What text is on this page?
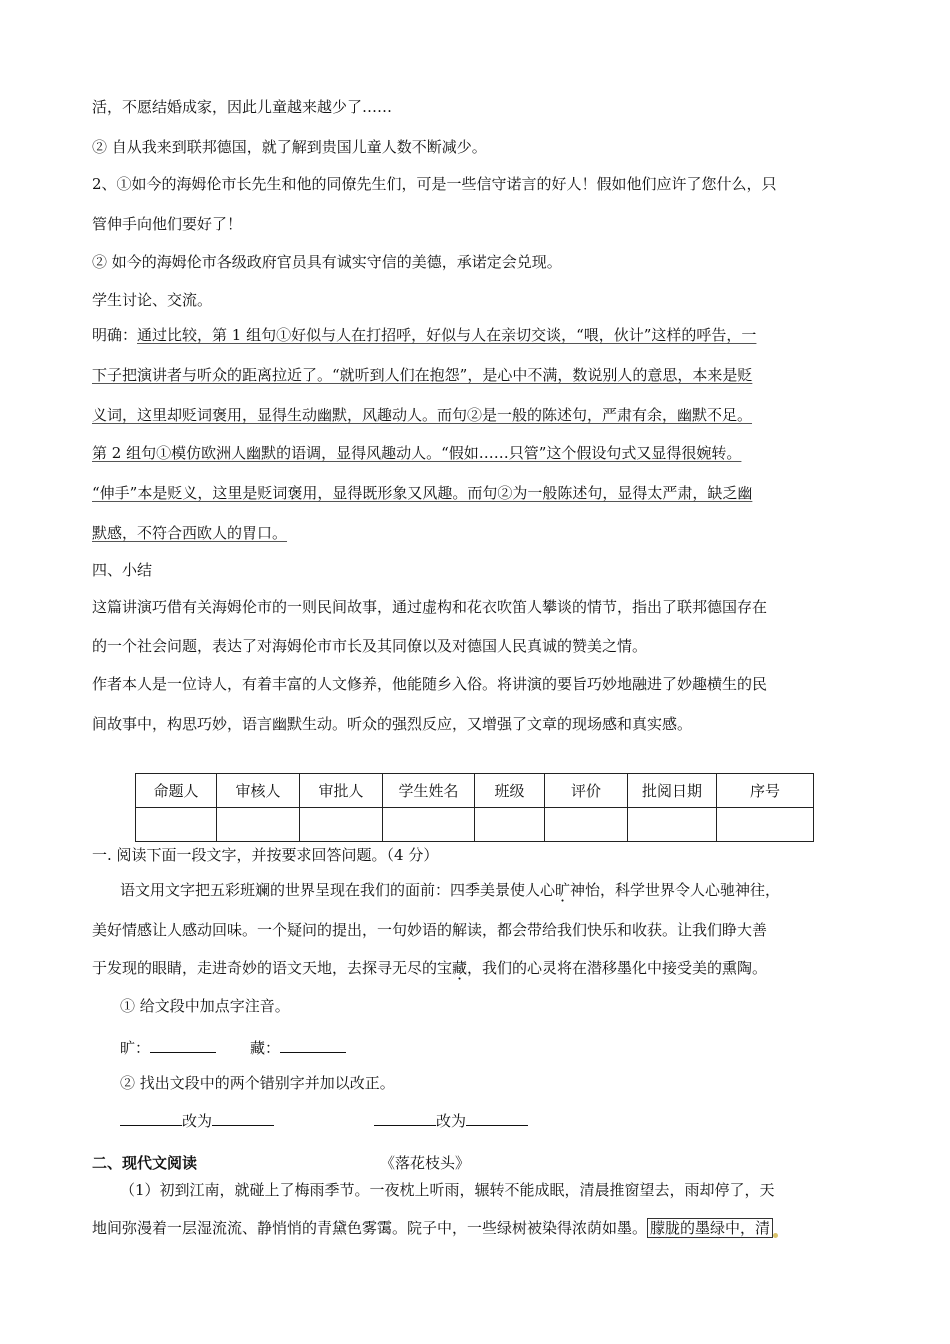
活，不愿结婚成家，因此儿童越来越少了……
② 自从我来到联邦德国，就了解到贵国儿童人数不断减少。
2、①如今的海姆伦市长先生和他的同僚先生们，可是一些信守诺言的好人！假如他们应许了您什么，只
管伸手向他们要好了！
② 如今的海姆伦市各级政府官员具有诚实守信的美德，承诺定会兑现。
学生讨论、交流。
明确：通过比较，第 1 组句①好似与人在打招呼，好似与人在亲切交谈，“喂，伙计”这样的呼告，一
下子把演讲者与听众的距离拉近了。“就听到人们在抱怨”，是心中不满，数说别人的意思，本来是贬
义词，这里却贬词褒用，显得生动幽默，风趣动人。而句②是一般的陈述句，严肃有余，幽默不足。
第 2 组句①模仿欧洲人幽默的语调，显得风趣动人。“假如……只管”这个假设句式又显得很婉转。
“伸手”本是贬义，这里是贬词褒用，显得既形象又风趣。而句②为一般陈述句，显得太严肃，缺乏幽
默感，不符合西欧人的胃口。
四、小结
这篇讲演巧借有关海姆伦市的一则民间故事，通过虚构和花衣吹笛人攀谈的情节，指出了联邦德国存在
的一个社会问题，表达了对海姆伦市市长及其同僚以及对德国人民真诚的赞美之情。
作者本人是一位诗人，有着丰富的人文修养，他能随乡入俗。将讲演的要旨巧妙地融进了妙趣横生的民
间故事中，构思巧妙，语言幽默生动。听众的强烈反应，又增强了文章的现场感和真实感。
命题人	审核人	审批人	学生姓名	班级	评价	批阅日期	序号

一. 阅读下面一段文字，并按要求回答问题。（4 分）
语文用文字把五彩班斓的世界呈现在我们的面前：四季美景使人心旷神怡，科学世界令人心驰神往，
美好情感让人感动回味。一个疑问的提出，一句妙语的解读，都会带给我们快乐和收获。让我们睁大善
于发现的眼睛，走进奇妙的语文天地，去探寻无尽的宝藏，我们的心灵将在潜移墨化中接受美的熏陶。
① 给文段中加点字注音。
旷：	藏：
② 找出文段中的两个错别字并加以改正。
改为	改为
二、现代文阅读	《落花枝头》
（1）初到江南，就碰上了梅雨季节。一夜枕上听雨，辗转不能成眠，清晨推窗望去，雨却停了，天
地间弥漫着一层湿流流、静悄悄的青黛色雾霭。院子中，一些绿树被染得浓荫如墨。 朦胧的墨绿中，清
